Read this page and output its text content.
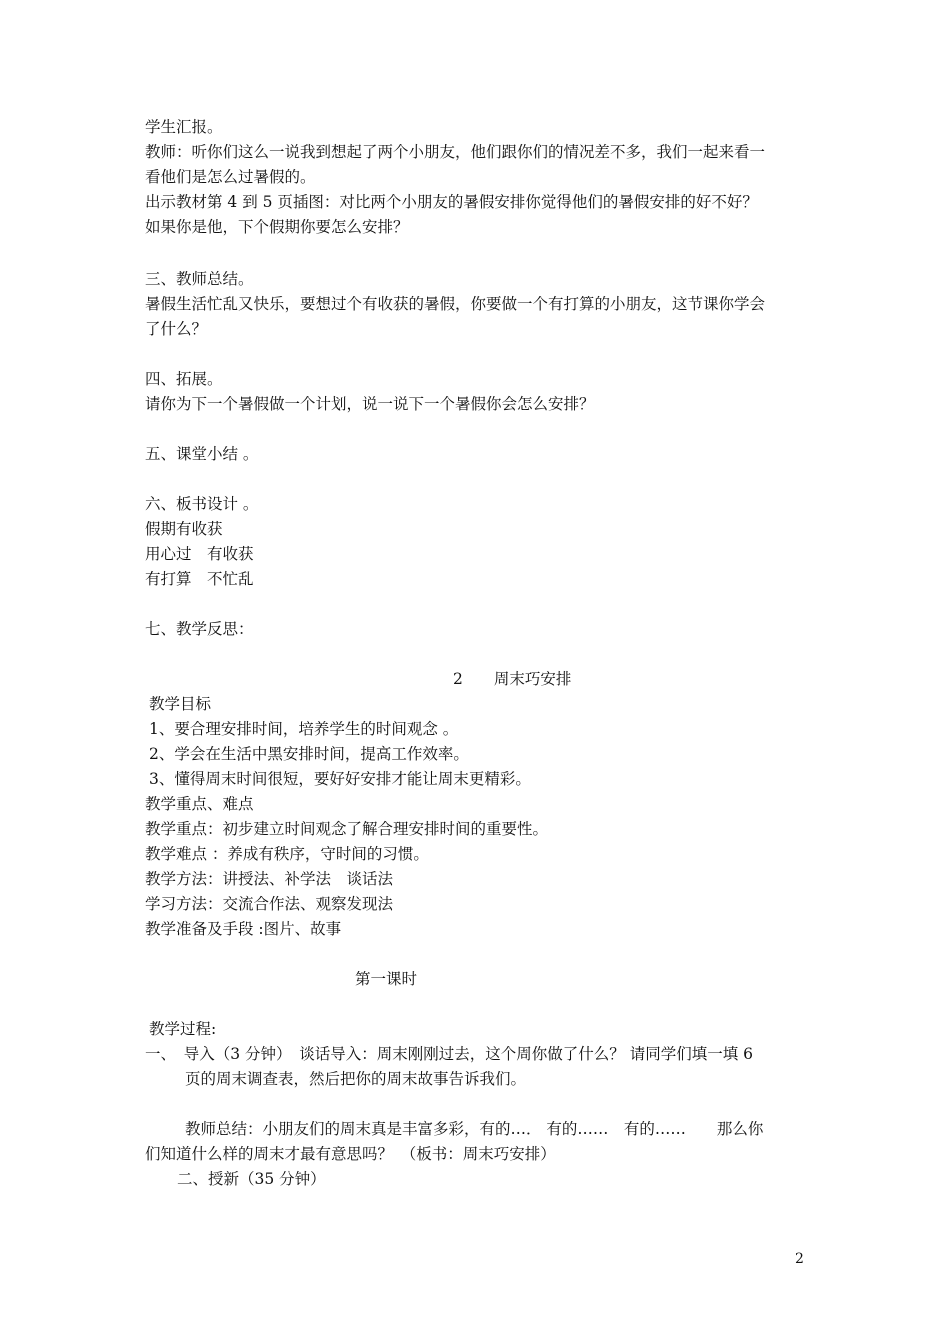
学生汇报。
教师：听你们这么一说我到想起了两个小朋友，他们跟你们的情况差不多，我们一起来看一
看他们是怎么过暑假的。
出示教材第 4 到 5 页插图：对比两个小朋友的暑假安排你觉得他们的暑假安排的好不好？
如果你是他，下个假期你要怎么安排？
三、教师总结。
暑假生活忙乱又快乐，要想过个有收获的暑假，你要做一个有打算的小朋友，这节课你学会
了什么？
四、拓展。
请你为下一个暑假做一个计划，说一说下一个暑假你会怎么安排？
五、课堂小结 。
六、板书设计 。
假期有收获
用心过　有收获
有打算　不忙乱
七、教学反思：
2　　周末巧安排
教学目标
1、要合理安排时间，培养学生的时间观念 。
2、学会在生活中黑安排时间，提高工作效率。
3、懂得周末时间很短，要好好安排才能让周末更精彩。
教学重点、难点
教学重点：初步建立时间观念了解合理安排时间的重要性。
教学难点 ：养成有秩序，守时间的习惯。
教学方法：讲授法、补学法　谈话法
学习方法：交流合作法、观察发现法
教学准备及手段 :图片、故事
第一课时
教学过程:
一、　导入（3 分钟）　谈话导入：周末刚刚过去，这个周你做了什么？ 请同学们填一填 6
页的周末调查表，然后把你的周末故事告诉我们。
教师总结：小朋友们的周末真是丰富多彩，有的…． 有的……　有的……　　那么你
们知道什么样的周末才最有意思吗？　（板书：周末巧安排）
二、授新（35 分钟）
2
